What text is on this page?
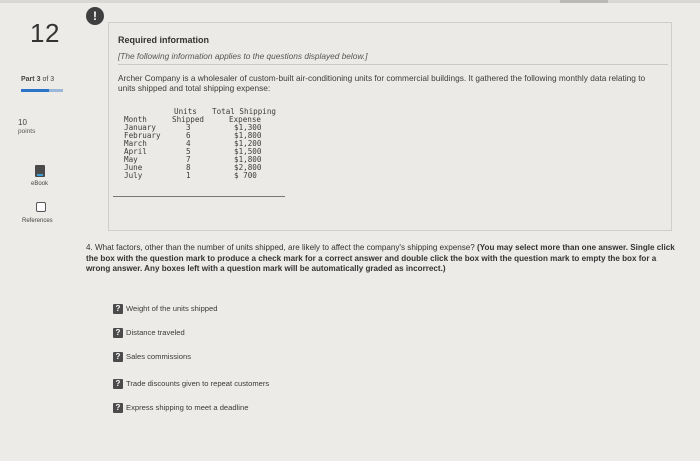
12
!
Part 3 of 3
10
points
eBook
References
Required information
[The following information applies to the questions displayed below.]
Archer Company is a wholesaler of custom-built air-conditioning units for commercial buildings. It gathered the following monthly data relating to units shipped and total shipping expense:
Units Total Shipping
Month	Shipped	Expense
January	3	$1,300
February	6	$1,800
March	4	$1,200
April	5	$1,500
May	7	$1,800
June	8	$2,800
July	1	$ 700
4. What factors, other than the number of units shipped, are likely to affect the company's shipping expense? (You may select more than one answer. Single click the box with the question mark to produce a check mark for a correct answer and double click the box with the question mark to empty the box for a wrong answer. Any boxes left with a question mark will be automatically graded as incorrect.)
? Weight of the units shipped
? Distance traveled
? Sales commissions
? Trade discounts given to repeat customers
? Express shipping to meet a deadline
